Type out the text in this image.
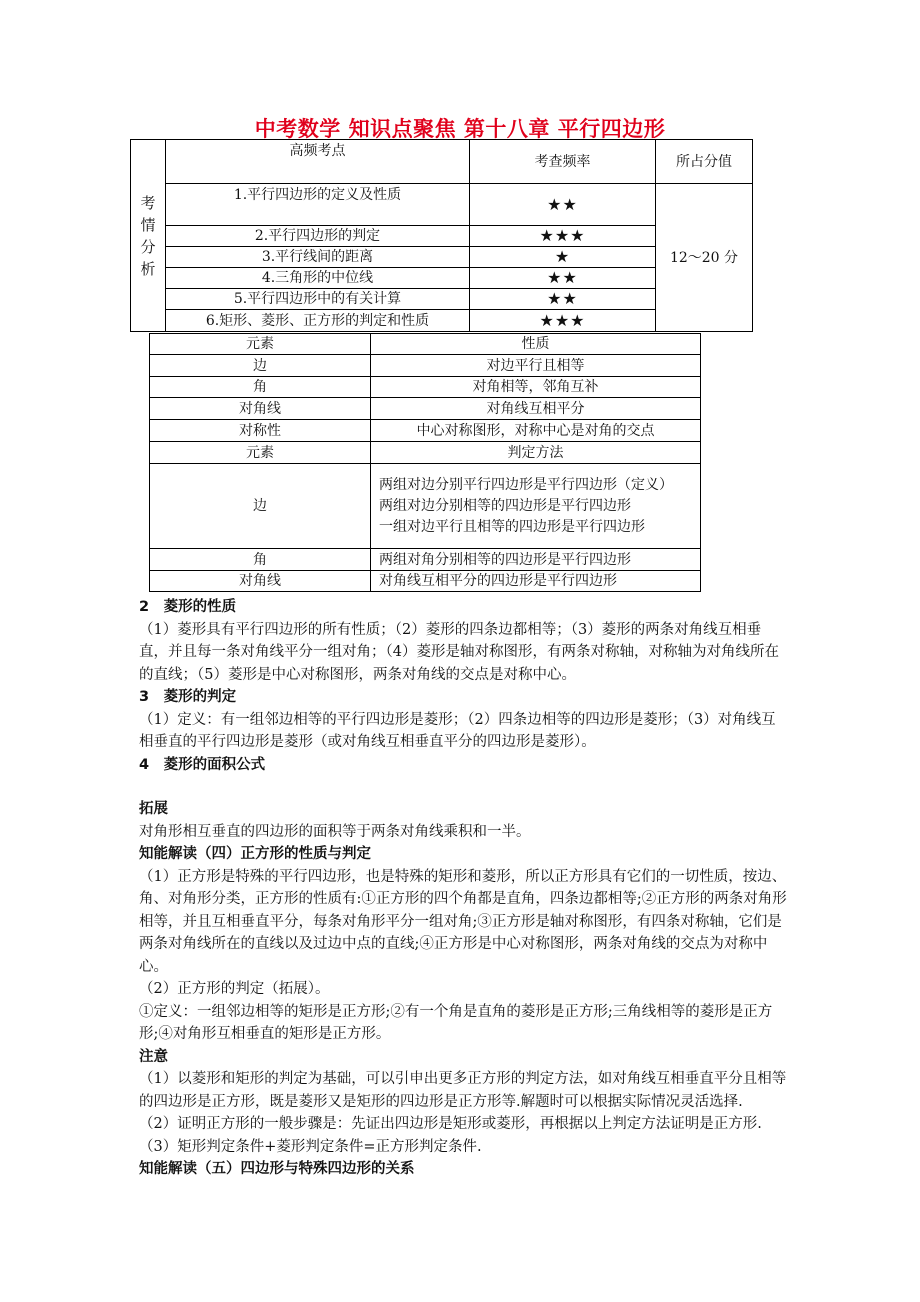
中考数学 知识点聚焦 第十八章 平行四边形
考情分析	高频考点	考查频率	所占分值
	1.平行四边形的定义及性质	★★	12～20 分
	2.平行四边形的判定	★★★	
	3.平行线间的距离	★	
	4.三角形的中位线	★★	
	5.平行四边形中的有关计算	★★	
	6.矩形、菱形、正方形的判定和性质	★★★	
元素	性质
边	对边平行且相等
角	对角相等，邻角互补
对角线	对角线互相平分
对称性	中心对称图形，对称中心是对角的交点
元素	判定方法
边	两组对边分别平行四边形是平行四边形（定义）
两组对边分别相等的四边形是平行四边形
一组对边平行且相等的四边形是平行四边形

角	两组对角分别相等的四边形是平行四边形
对角线	对角线互相平分的四边形是平行四边形

2　菱形的性质

（1）菱形具有平行四边形的所有性质；（2）菱形的四条边都相等；（3）菱形的两条对角线互相垂直，并且每一条对角线平分一组对角；（4）菱形是轴对称图形，有两条对称轴，对称轴为对角线所在的直线；（5）菱形是中心对称图形，两条对角线的交点是对称中心。

3　菱形的判定

（1）定义：有一组邻边相等的平行四边形是菱形；（2）四条边相等的四边形是菱形；（3）对角线互相垂直的平行四边形是菱形（或对角线互相垂直平分的四边形是菱形）。

4　菱形的面积公式

拓展

对角形相互垂直的四边形的面积等于两条对角线乘积和一半。

知能解读（四）正方形的性质与判定

（1）正方形是特殊的平行四边形，也是特殊的矩形和菱形，所以正方形具有它们的一切性质，按边、角、对角形分类，正方形的性质有:①正方形的四个角都是直角，四条边都相等;②正方形的两条对角形相等，并且互相垂直平分，每条对角形平分一组对角;③正方形是轴对称图形，有四条对称轴，它们是两条对角线所在的直线以及过边中点的直线;④正方形是中心对称图形，两条对角线的交点为对称中心。

（2）正方形的判定（拓展）。

①定义：一组邻边相等的矩形是正方形;②有一个角是直角的菱形是正方形;三角线相等的菱形是正方形;④对角形互相垂直的矩形是正方形。

注意

（1）以菱形和矩形的判定为基础，可以引申出更多正方形的判定方法，如对角线互相垂直平分且相等的四边形是正方形，既是菱形又是矩形的四边形是正方形等.解题时可以根据实际情况灵活选择.

（2）证明正方形的一般步骤是：先证出四边形是矩形或菱形，再根据以上判定方法证明是正方形.

（3）矩形判定条件+菱形判定条件=正方形判定条件.

知能解读（五）四边形与特殊四边形的关系
